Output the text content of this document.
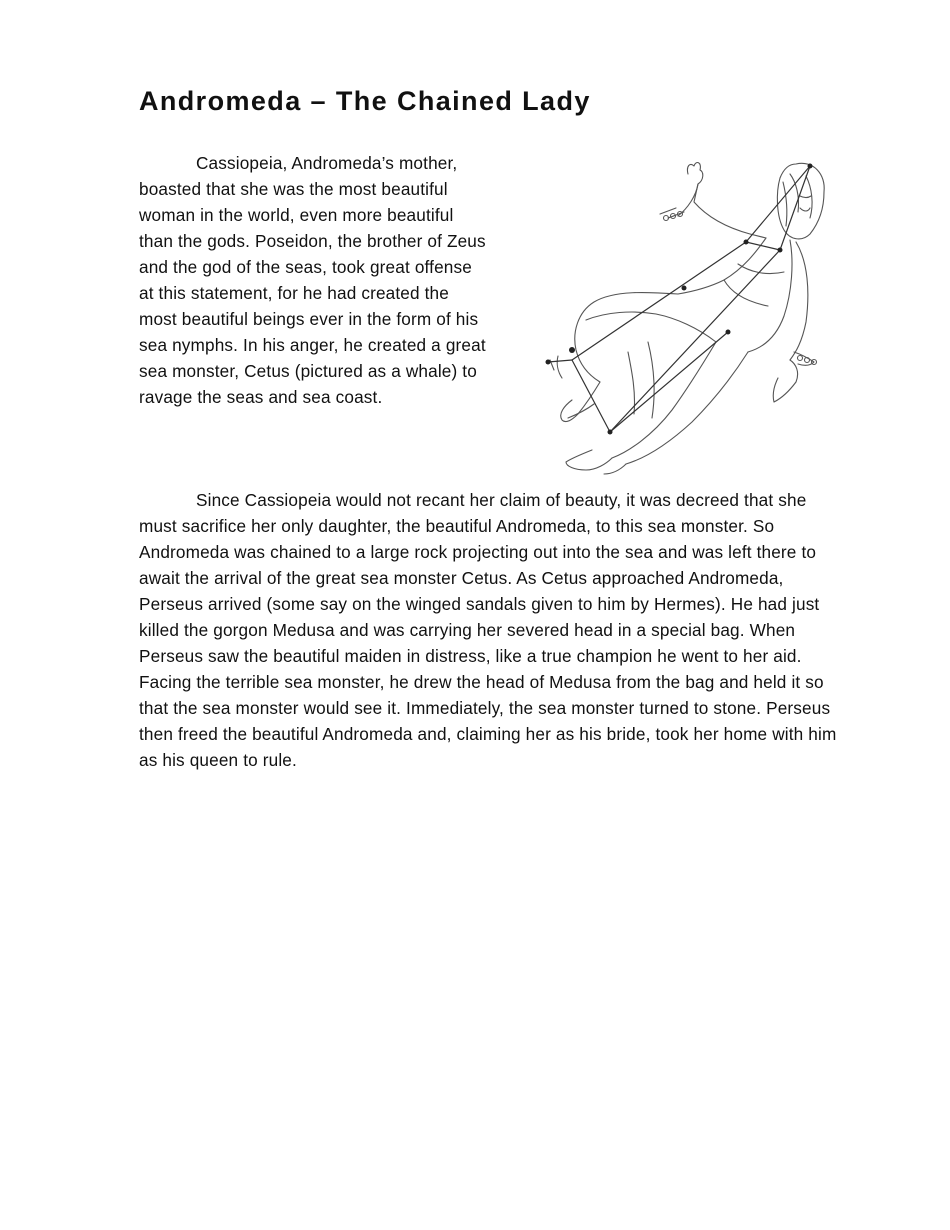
Andromeda – The Chained Lady

Cassiopeia, Andromeda’s mother, boasted that she was the most beautiful woman in the world, even more beautiful than the gods. Poseidon, the brother of Zeus and the god of the seas, took great offense at this statement, for he had created the most beautiful beings ever in the form of his sea nymphs. In his anger, he created a great sea monster, Cetus (pictured as a whale) to ravage the seas and sea coast.

Since Cassiopeia would not recant her claim of beauty, it was decreed that she must sacrifice her only daughter, the beautiful Andromeda, to this sea monster. So Andromeda was chained to a large rock projecting out into the sea and was left there to await the arrival of the great sea monster Cetus. As Cetus approached Andromeda, Perseus arrived (some say on the winged sandals given to him by Hermes). He had just killed the gorgon Medusa and was carrying her severed head in a special bag. When Perseus saw the beautiful maiden in distress, like a true champion he went to her aid. Facing the terrible sea monster, he drew the head of Medusa from the bag and held it so that the sea monster would see it. Immediately, the sea monster turned to stone. Perseus then freed the beautiful Andromeda and, claiming her as his bride, took her home with him as his queen to rule.
